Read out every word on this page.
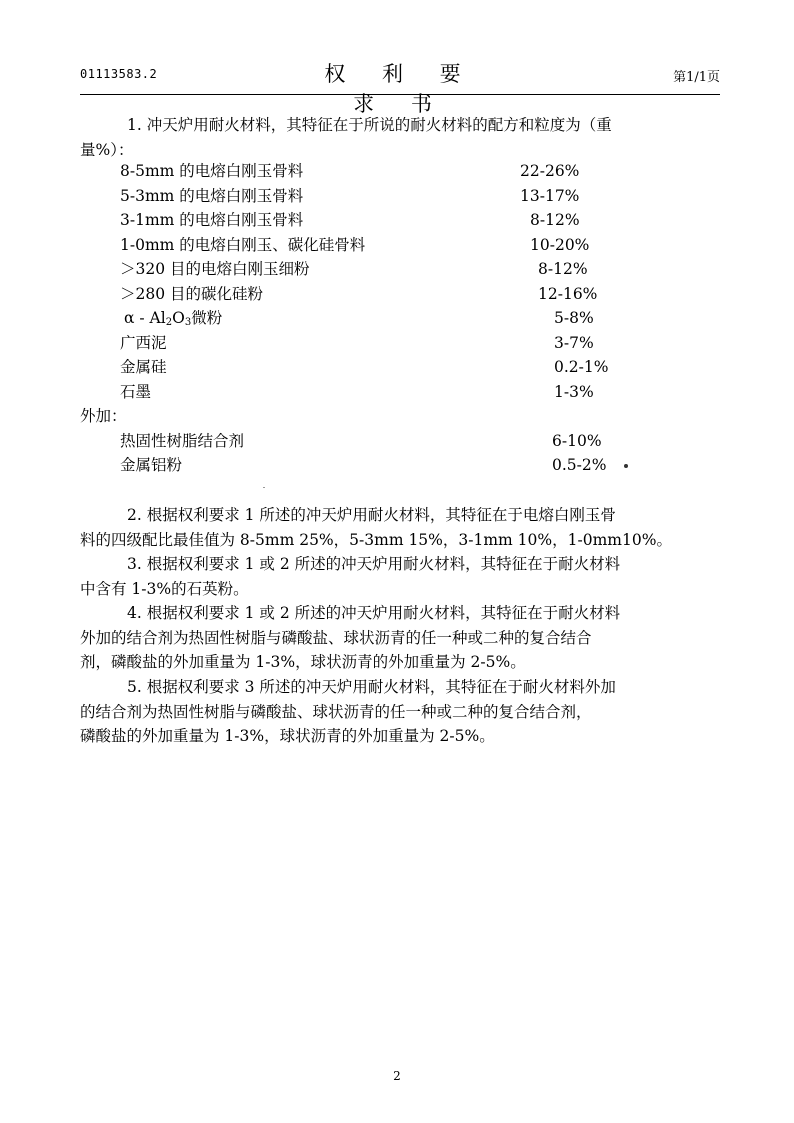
01113583.2	权 利 要 求 书
第1/1页
1. 冲天炉用耐火材料，其特征在于所说的耐火材料的配方和粒度为（重
量%）：
8-5mm 的电熔白刚玉骨料	22-26%
5-3mm 的电熔白刚玉骨料	13-17%
3-1mm 的电熔白刚玉骨料	8-12%
1-0mm 的电熔白刚玉、碳化硅骨料	10-20%
＞320 目的电熔白刚玉细粉	8-12%
＞280 目的碳化硅粉	12-16%
α - $Al_2O_3$微粉	5-8%
广西泥	3-7%
金属硅	0.2-1%
石墨	1-3%
外加：
热固性树脂结合剂	6-10%
金属铝粉	0.5-2%
2. 根据权利要求 1 所述的冲天炉用耐火材料，其特征在于电熔白刚玉骨
料的四级配比最佳值为 8-5mm 25%，5-3mm 15%，3-1mm 10%，1-0mm10%。
3. 根据权利要求 1 或 2 所述的冲天炉用耐火材料，其特征在于耐火材料
中含有 1-3%的石英粉。
4. 根据权利要求 1 或 2 所述的冲天炉用耐火材料，其特征在于耐火材料
外加的结合剂为热固性树脂与磷酸盐、球状沥青的任一种或二种的复合结合
剂，磷酸盐的外加重量为 1-3%，球状沥青的外加重量为 2-5%。
5. 根据权利要求 3 所述的冲天炉用耐火材料，其特征在于耐火材料外加
的结合剂为热固性树脂与磷酸盐、球状沥青的任一种或二种的复合结合剂，
磷酸盐的外加重量为 1-3%，球状沥青的外加重量为 2-5%。
2
